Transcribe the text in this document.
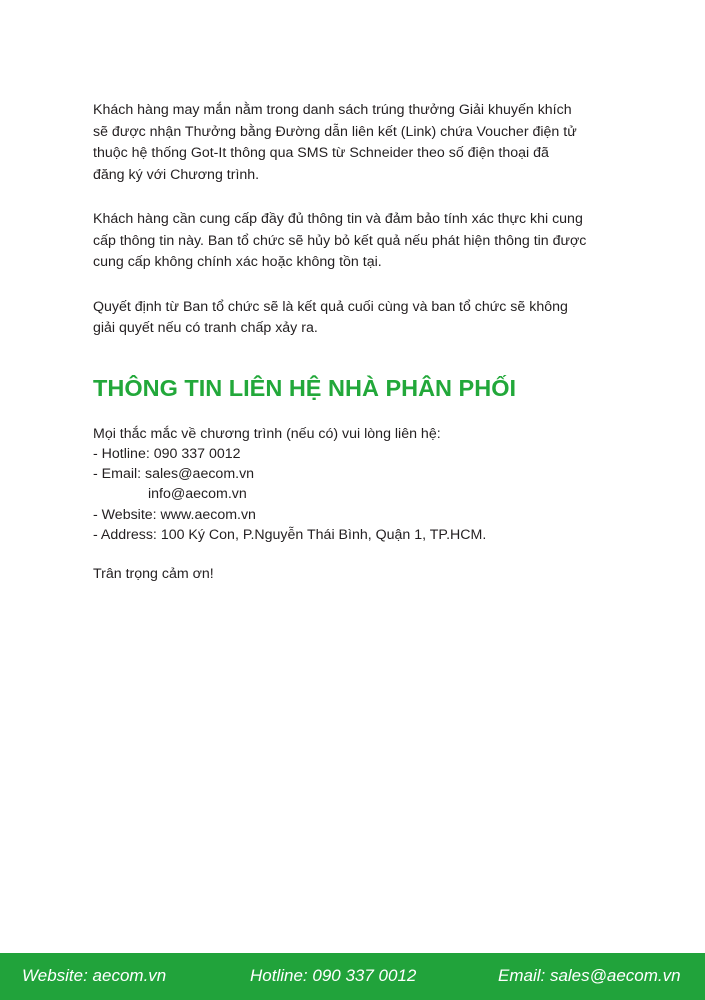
Khách hàng may mắn nằm trong danh sách trúng thưởng Giải khuyến khích
sẽ được nhận Thưởng bằng Đường dẫn liên kết (Link) chứa Voucher điện tử
thuộc hệ thống Got-It thông qua SMS từ Schneider theo số điện thoại đã
đăng ký với Chương trình.

Khách hàng cần cung cấp đầy đủ thông tin và đảm bảo tính xác thực khi cung
cấp thông tin này. Ban tổ chức sẽ hủy bỏ kết quả nếu phát hiện thông tin được
cung cấp không chính xác hoặc không tồn tại.

Quyết định từ Ban tổ chức sẽ là kết quả cuối cùng và ban tổ chức sẽ không
giải quyết nếu có tranh chấp xảy ra.

THÔNG TIN LIÊN HỆ NHÀ PHÂN PHỐI
Mọi thắc mắc về chương trình (nếu có) vui lòng liên hệ:
- Hotline: 090 337 0012
- Email: sales@aecom.vn
info@aecom.vn
- Website: www.aecom.vn
- Address: 100 Ký Con, P.Nguyễn Thái Bình, Quận 1, TP.HCM.
Trân trọng cảm ơn!
Website: aecom.vn	Hotline: 090 337 0012	Email: sales@aecom.vn
